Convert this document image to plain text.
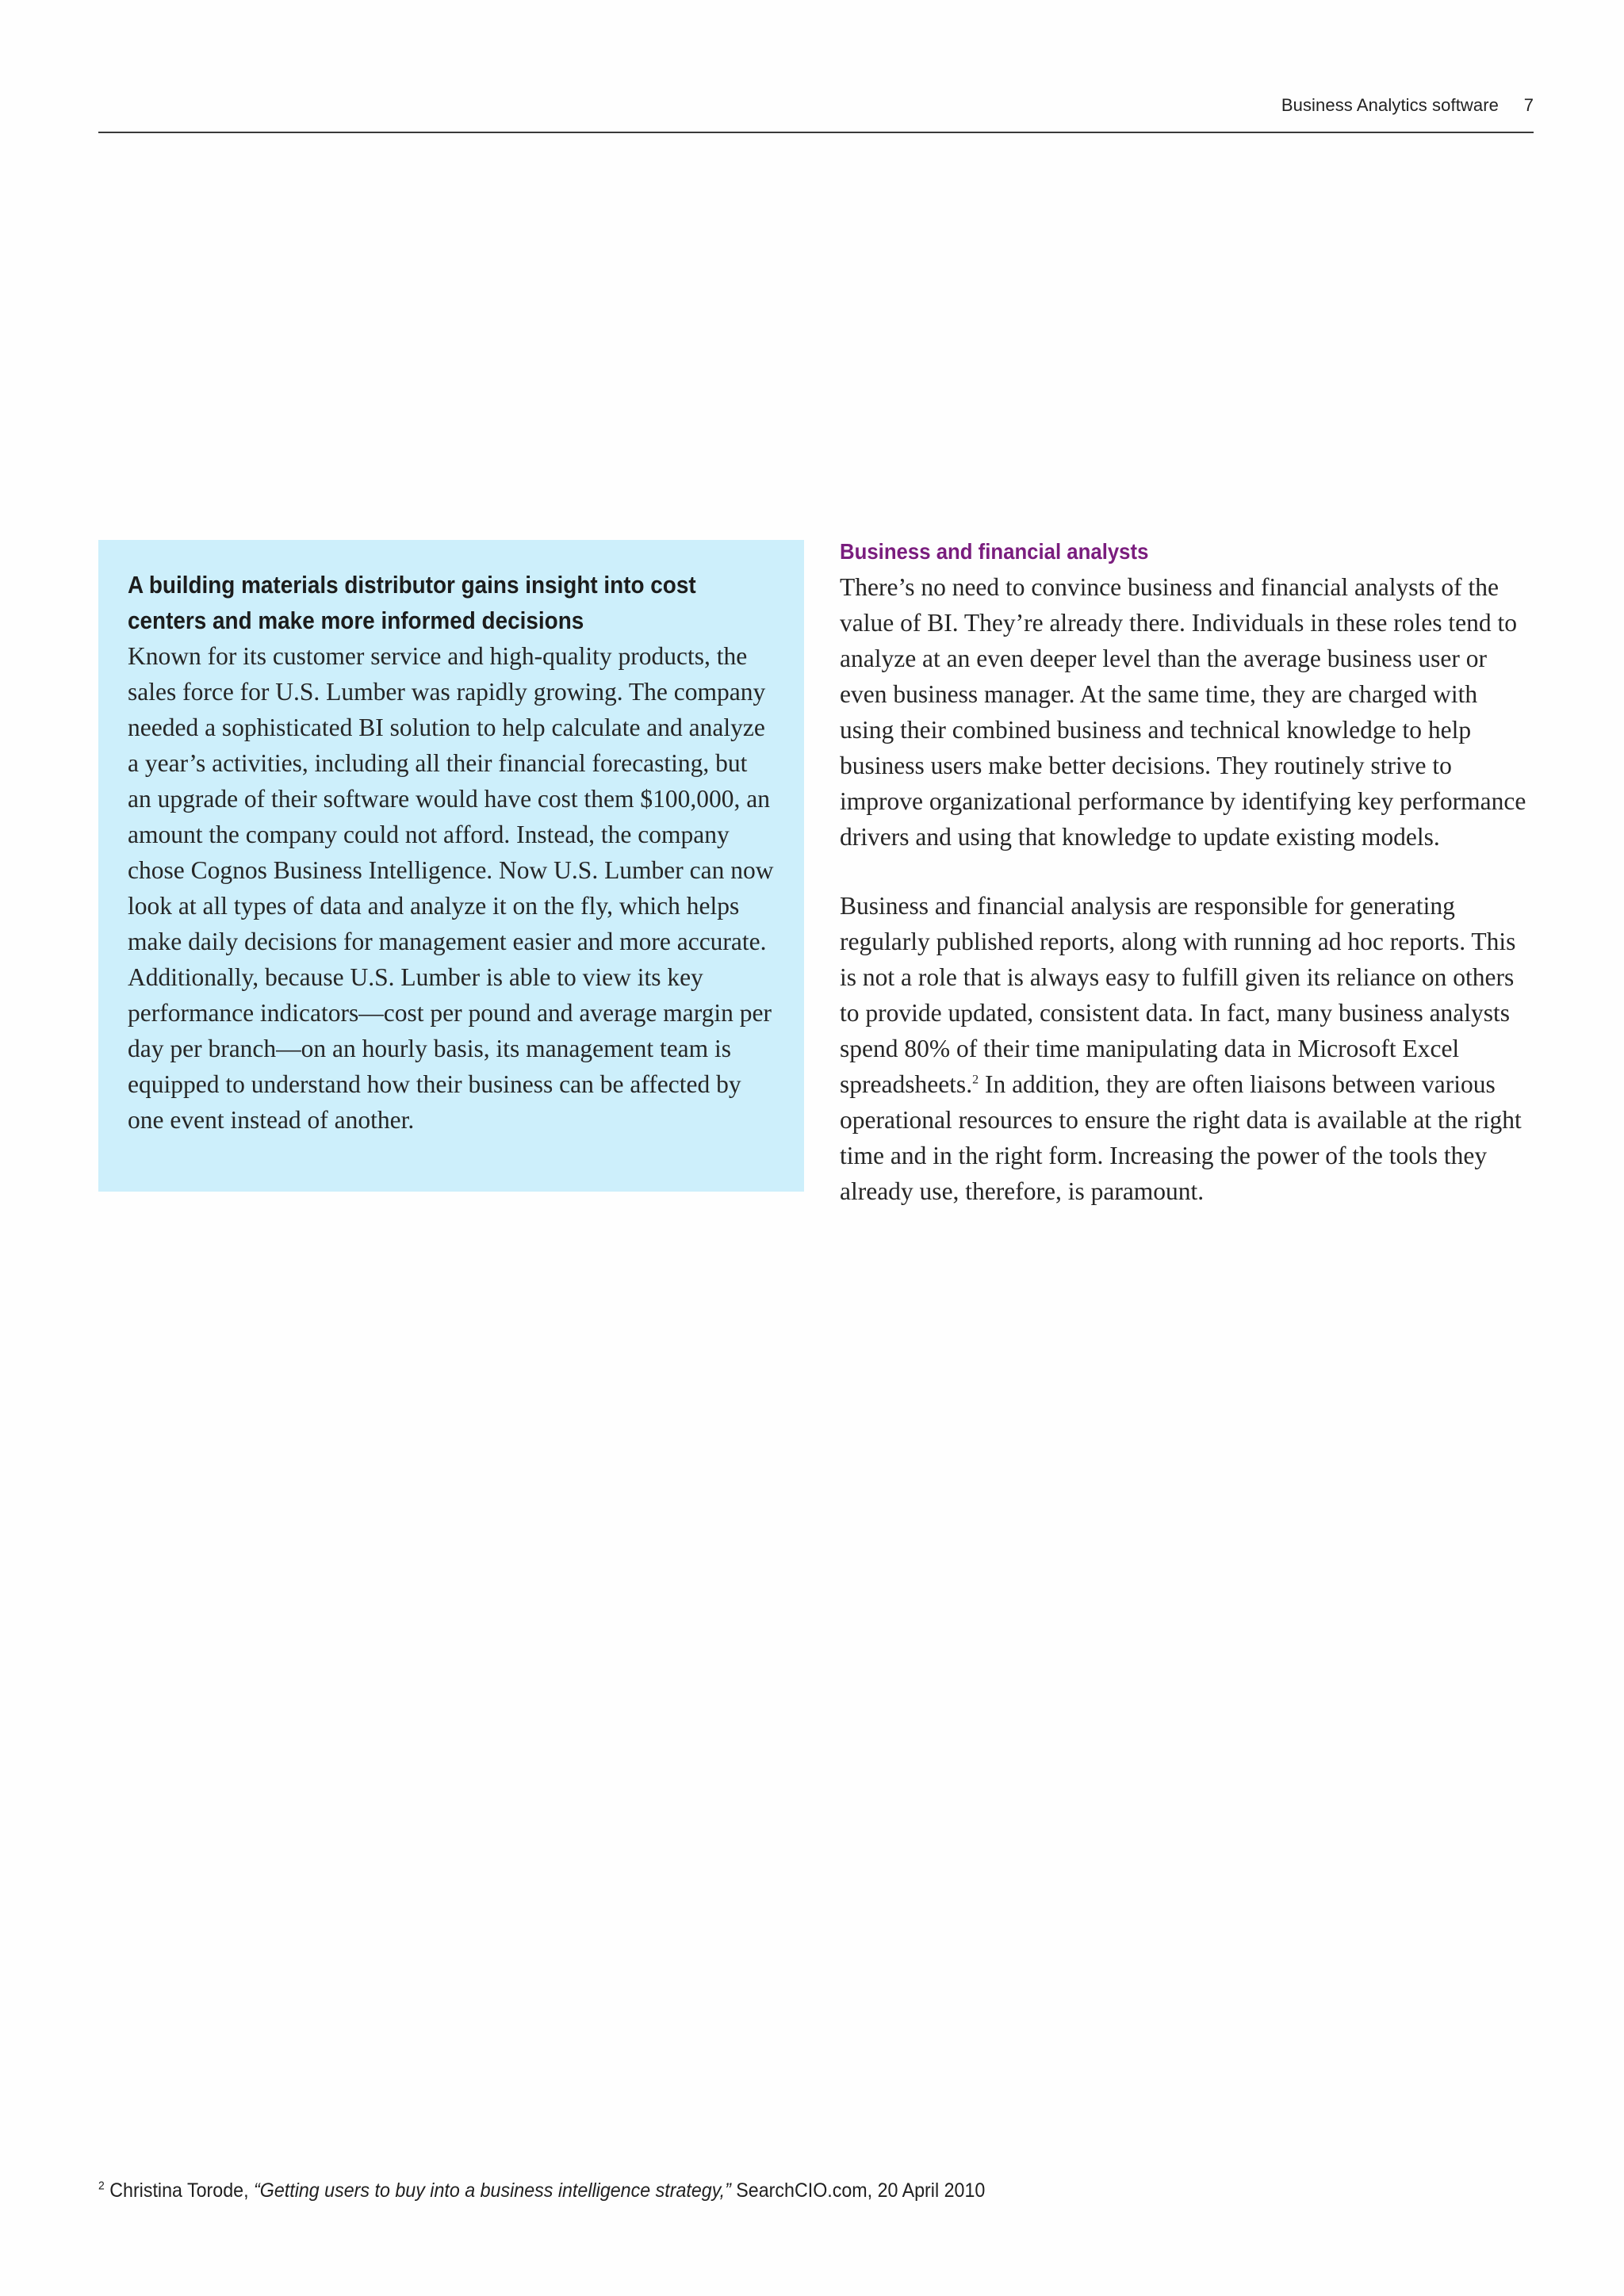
Business Analytics software 7

A building materials distributor gains insight into cost
centers and make more informed decisions

Known for its customer service and high-quality products, the sales force for U.S. Lumber was rapidly growing. The company needed a sophisticated BI solution to help calculate and analyze a year’s activities, including all their financial forecasting, but an upgrade of their software would have cost them $100,000, an amount the company could not afford. Instead, the company chose Cognos Business Intelligence. Now U.S. Lumber can now look at all types of data and analyze it on the fly, which helps make daily decisions for management easier and more accurate. Additionally, because U.S. Lumber is able to view its key performance indicators—cost per pound and average margin per day per branch—on an hourly basis, its management team is equipped to understand how their business can be affected by one event instead of another.

Business and financial analysts

There’s no need to convince business and financial analysts of the value of BI. They’re already there. Individuals in these roles tend to analyze at an even deeper level than the average business user or even business manager. At the same time, they are charged with using their combined business and technical knowledge to help business users make better decisions. They routinely strive to improve organizational performance by identifying key performance drivers and using that knowledge to update existing models.

Business and financial analysis are responsible for generating regularly published reports, along with running ad hoc reports. This is not a role that is always easy to fulfill given its reliance on others to provide updated, consistent data. In fact, many business analysts spend 80% of their time manipulating data in Microsoft Excel spreadsheets.$^2$ In addition, they are often liaisons between various operational resources to ensure the right data is available at the right time and in the right form. Increasing the power of the tools they already use, therefore, is paramount.

$^2$ Christina Torode, “Getting users to buy into a business intelligence strategy,” SearchCIO.com, 20 April 2010
